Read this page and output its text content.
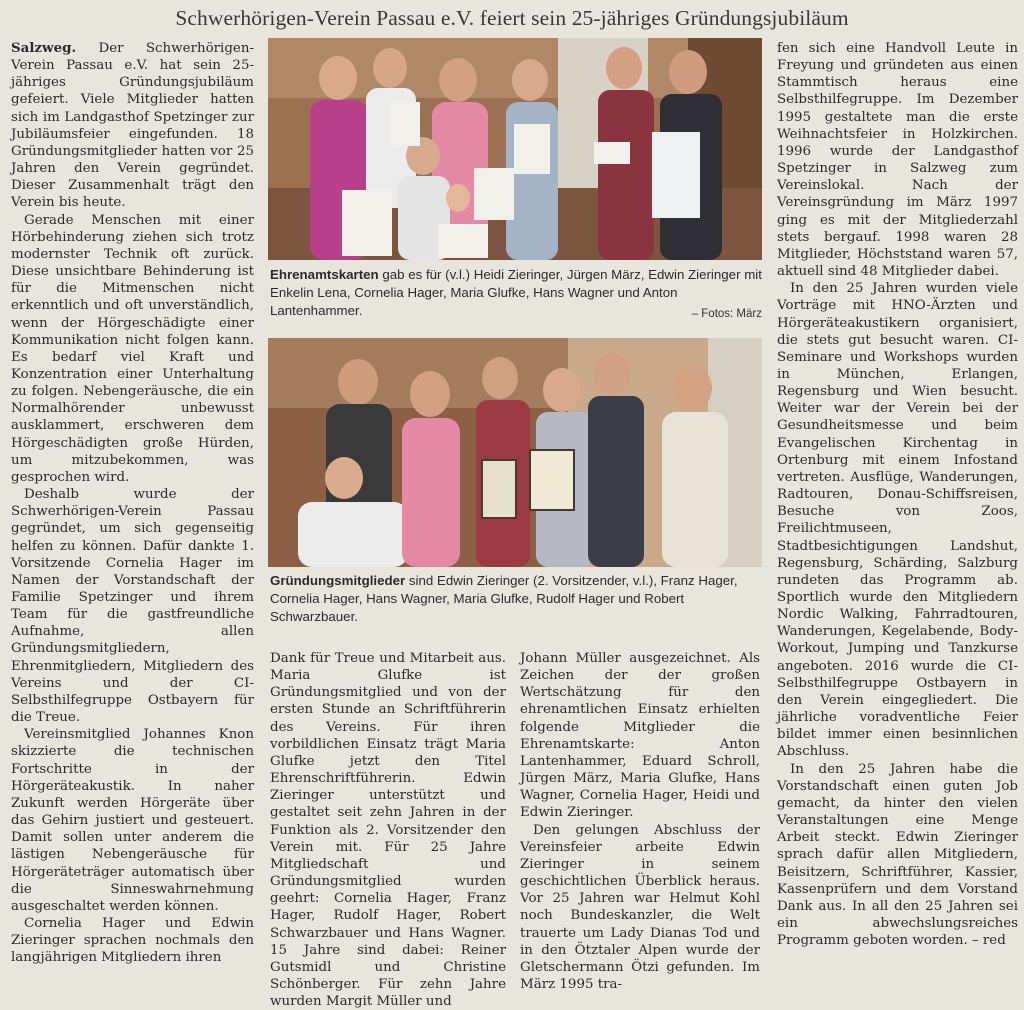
Schwerhörigen-Verein Passau e.V. feiert sein 25-jähriges Gründungsjubiläum

Salzweg. Der Schwerhörigen-Verein Passau e.V. hat sein 25-jähriges Gründungsjubiläum gefeiert. Viele Mitglieder hatten sich im Landgasthof Spetzinger zur Jubiläumsfeier eingefunden. 18 Gründungsmitglieder hatten vor 25 Jahren den Verein gegründet. Dieser Zusammenhalt trägt den Verein bis heute.

Gerade Menschen mit einer Hörbehinderung ziehen sich trotz modernster Technik oft zurück. Diese unsichtbare Behinderung ist für die Mitmenschen nicht erkenntlich und oft unverständlich, wenn der Hörgeschädigte einer Kommunikation nicht folgen kann. Es bedarf viel Kraft und Konzentration einer Unterhaltung zu folgen. Nebengeräusche, die ein Normalhörender unbewusst ausklammert, erschweren dem Hörgeschädigten große Hürden, um mitzubekommen, was gesprochen wird.

Deshalb wurde der Schwerhörigen-Verein Passau gegründet, um sich gegenseitig helfen zu können. Dafür dankte 1. Vorsitzende Cornelia Hager im Namen der Vorstandschaft der Familie Spetzinger und ihrem Team für die gastfreundliche Aufnahme, allen Gründungsmitgliedern, Ehrenmitgliedern, Mitgliedern des Vereins und der CI-Selbsthilfegruppe Ostbayern für die Treue.

Vereinsmitglied Johannes Knon skizzierte die technischen Fortschritte in der Hörgeräteakustik. In naher Zukunft werden Hörgeräte über das Gehirn justiert und gesteuert. Damit sollen unter anderem die lästigen Nebengeräusche für Hörgeräteträger automatisch über die Sinneswahrnehmung ausgeschaltet werden können.

Cornelia Hager und Edwin Zieringer sprachen nochmals den langjährigen Mitgliedern ihren

Ehrenamtskarten gab es für (v.l.) Heidi Zieringer, Jürgen März, Edwin Zieringer mit Enkelin Lena, Cornelia Hager, Maria Glufke, Hans Wagner und Anton Lantenhammer.	– Fotos: März
Gründungsmitglieder sind Edwin Zieringer (2. Vorsitzender, v.l.), Franz Hager, Cornelia Hager, Hans Wagner, Maria Glufke, Rudolf Hager und Robert Schwarzbauer.

Dank für Treue und Mitarbeit aus. Maria Glufke ist Gründungsmitglied und von der ersten Stunde an Schriftführerin des Vereins. Für ihren vorbildlichen Einsatz trägt Maria Glufke jetzt den Titel Ehrenschriftführerin. Edwin Zieringer unterstützt und gestaltet seit zehn Jahren in der Funktion als 2. Vorsitzender den Verein mit. Für 25 Jahre Mitgliedschaft und Gründungsmitglied wurden geehrt: Cornelia Hager, Franz Hager, Rudolf Hager, Robert Schwarzbauer und Hans Wagner. 15 Jahre sind dabei: Reiner Gutsmidl und Christine Schönberger. Für zehn Jahre wurden Margit Müller und

Johann Müller ausgezeichnet. Als Zeichen der der großen Wertschätzung für den ehrenamtlichen Einsatz erhielten folgende Mitglieder die Ehrenamtskarte: Anton Lantenhammer, Eduard Schroll, Jürgen März, Maria Glufke, Hans Wagner, Cornelia Hager, Heidi und Edwin Zieringer.

Den gelungen Abschluss der Vereinsfeier arbeite Edwin Zieringer in seinem geschichtlichen Überblick heraus. Vor 25 Jahren war Helmut Kohl noch Bundeskanzler, die Welt trauerte um Lady Dianas Tod und in den Ötztaler Alpen wurde der Gletschermann Ötzi gefunden. Im März 1995 tra-

fen sich eine Handvoll Leute in Freyung und gründeten aus einen Stammtisch heraus eine Selbsthilfegruppe. Im Dezember 1995 gestaltete man die erste Weihnachtsfeier in Holzkirchen. 1996 wurde der Landgasthof Spetzinger in Salzweg zum Vereinslokal. Nach der Vereinsgründung im März 1997 ging es mit der Mitgliederzahl stets bergauf. 1998 waren 28 Mitglieder, Höchststand waren 57, aktuell sind 48 Mitglieder dabei.

In den 25 Jahren wurden viele Vorträge mit HNO-Ärzten und Hörgeräteakustikern organisiert, die stets gut besucht waren. CI-Seminare und Workshops wurden in München, Erlangen, Regensburg und Wien besucht. Weiter war der Verein bei der Gesundheitsmesse und beim Evangelischen Kirchentag in Ortenburg mit einem Infostand vertreten. Ausflüge, Wanderungen, Radtouren, Donau-Schiffsreisen, Besuche von Zoos, Freilichtmuseen, Stadtbesichtigungen Landshut, Regensburg, Schärding, Salzburg rundeten das Programm ab. Sportlich wurde den Mitgliedern Nordic Walking, Fahrradtouren, Wanderungen, Kegelabende, Body-Workout, Jumping und Tanzkurse angeboten. 2016 wurde die CI-Selbsthilfegruppe Ostbayern in den Verein eingegliedert. Die jährliche voradventliche Feier bildet immer einen besinnlichen Abschluss.

In den 25 Jahren habe die Vorstandschaft einen guten Job gemacht, da hinter den vielen Veranstaltungen eine Menge Arbeit steckt. Edwin Zieringer sprach dafür allen Mitgliedern, Beisitzern, Schriftführer, Kassier, Kassenprüfern und dem Vorstand Dank aus. In all den 25 Jahren sei ein abwechslungsreiches Programm geboten worden. – red
